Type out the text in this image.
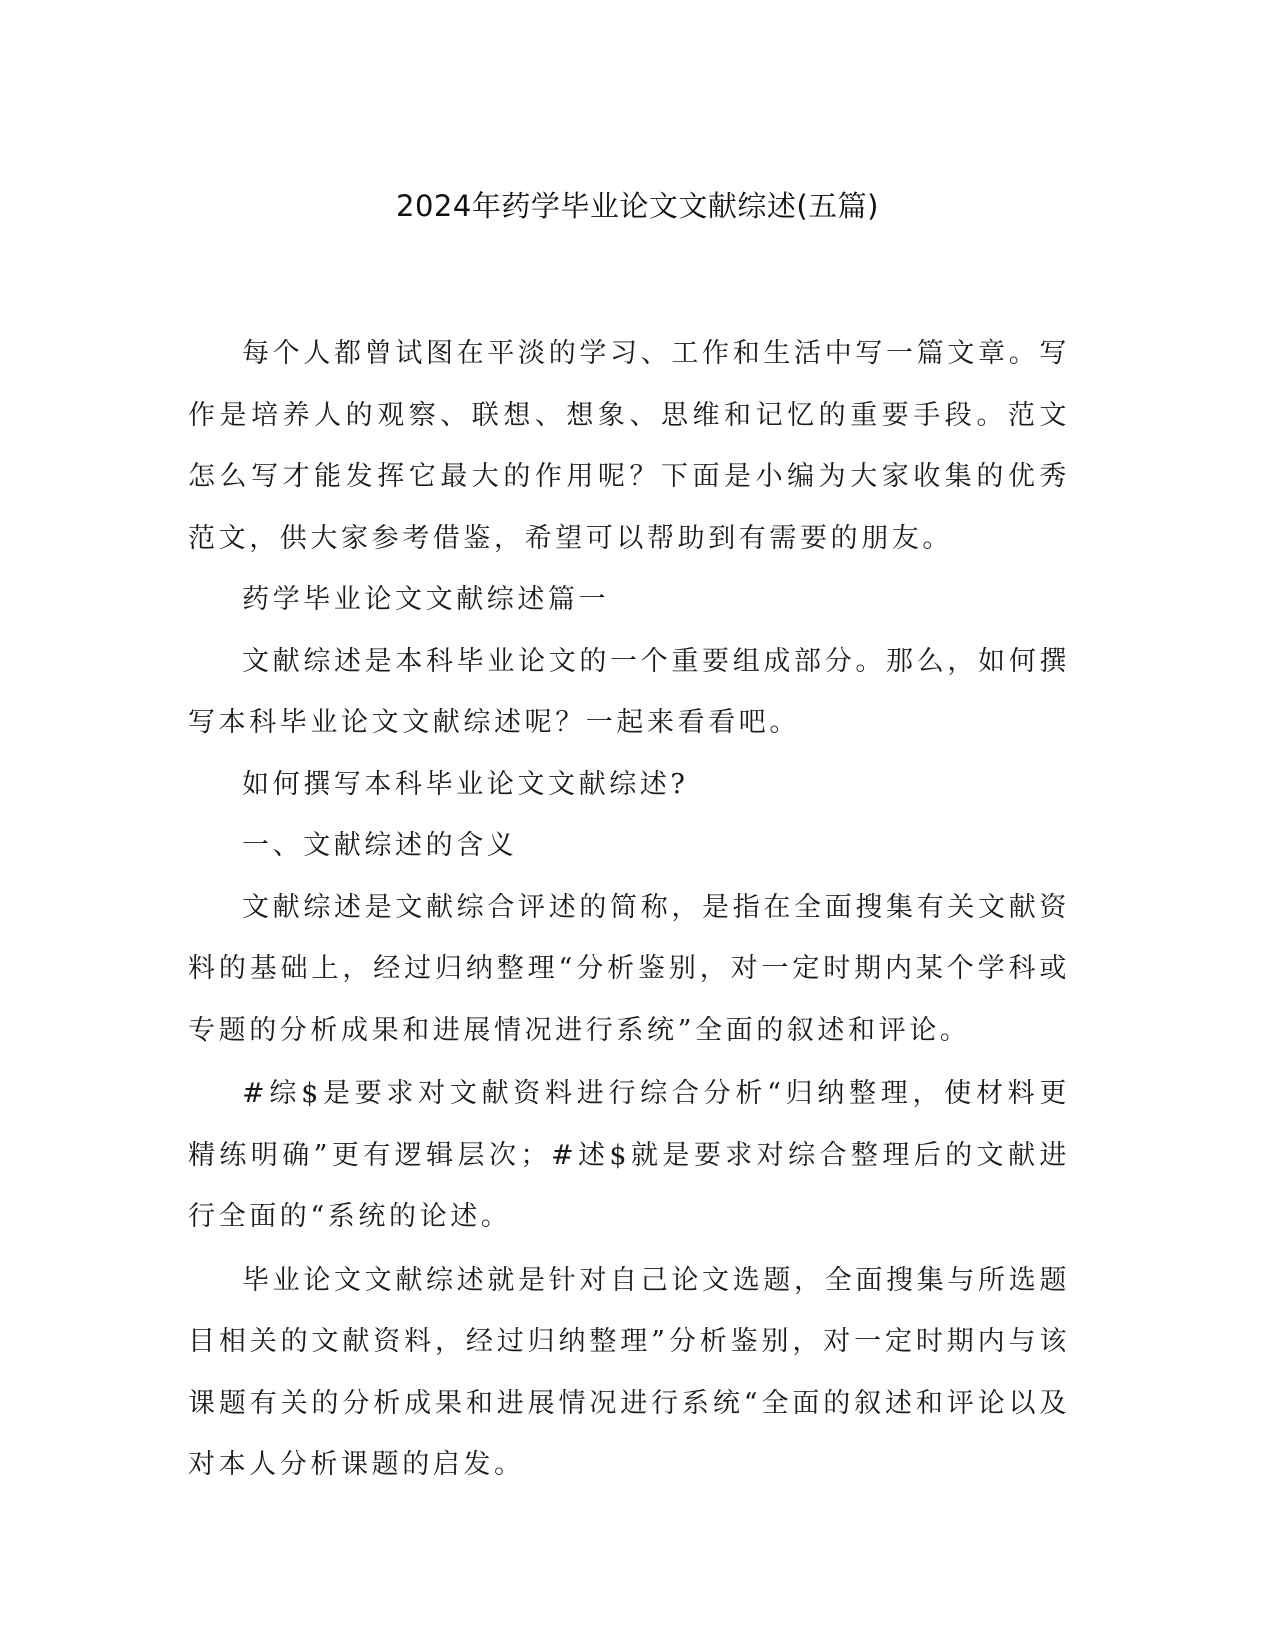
2024年药学毕业论文文献综述(五篇)

每个人都曾试图在平淡的学习、工作和生活中写一篇文章。写作是培养人的观察、联想、想象、思维和记忆的重要手段。范文怎么写才能发挥它最大的作用呢？下面是小编为大家收集的优秀范文，供大家参考借鉴，希望可以帮助到有需要的朋友。

药学毕业论文文献综述篇一

文献综述是本科毕业论文的一个重要组成部分。那么，如何撰写本科毕业论文文献综述呢？一起来看看吧。

如何撰写本科毕业论文文献综述?

一、文献综述的含义

文献综述是文献综合评述的简称，是指在全面搜集有关文献资料的基础上，经过归纳整理“分析鉴别，对一定时期内某个学科或专题的分析成果和进展情况进行系统”全面的叙述和评论。

#综$是要求对文献资料进行综合分析“归纳整理，使材料更精练明确”更有逻辑层次；#述$就是要求对综合整理后的文献进行全面的“系统的论述。

毕业论文文献综述就是针对自己论文选题，全面搜集与所选题目相关的文献资料，经过归纳整理”分析鉴别，对一定时期内与该课题有关的分析成果和进展情况进行系统“全面的叙述和评论以及对本人分析课题的启发。
